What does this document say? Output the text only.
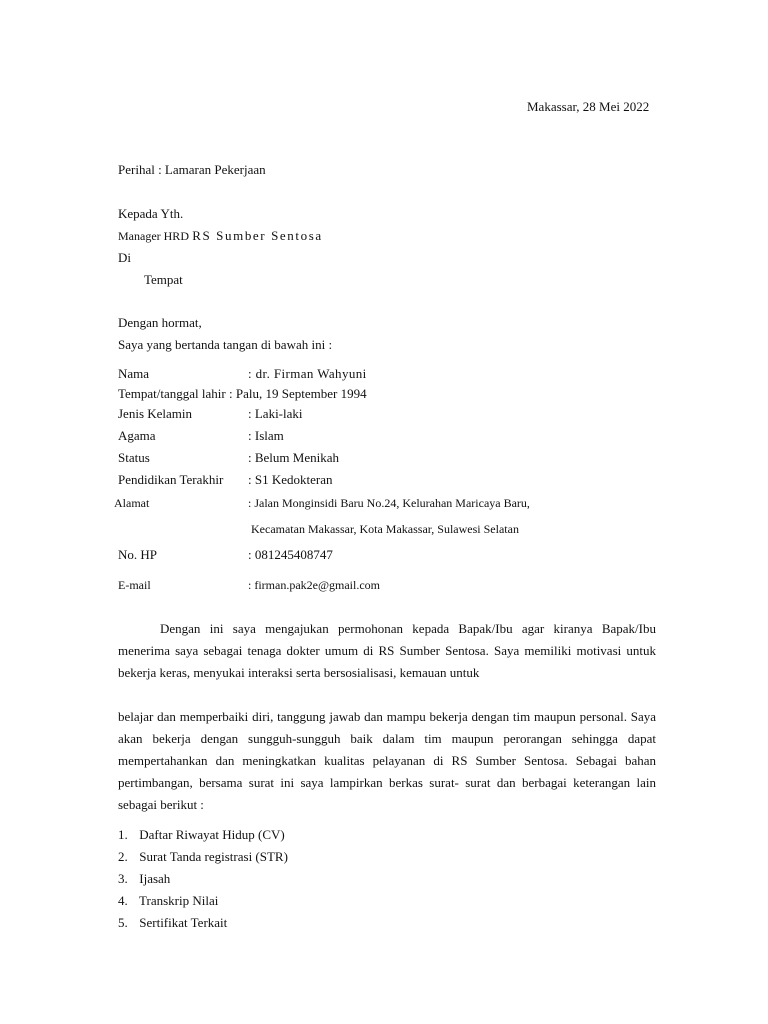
Makassar, 28 Mei 2022
Perihal : Lamaran Pekerjaan
Kepada Yth.
Manager HRD RS Sumber Sentosa
Di
Tempat
Dengan hormat,
Saya yang bertanda tangan di bawah ini :
Nama	: dr. Firman Wahyuni
Tempat/tanggal lahir : Palu, 19 September 1994
Jenis Kelamin	: Laki-laki
Agama	: Islam
Status	: Belum Menikah
Pendidikan Terakhir : S1 Kedokteran
Alamat	: Jalan Monginsidi Baru No.24, Kelurahan Maricaya Baru,
Kecamatan Makassar, Kota Makassar, Sulawesi Selatan
No. HP	: 081245408747
E-mail	: firman.pak2e@gmail.com
Dengan ini saya mengajukan permohonan kepada Bapak/Ibu agar kiranya Bapak/Ibu menerima saya sebagai tenaga dokter umum di RS Sumber Sentosa. Saya memiliki motivasi untuk bekerja keras, menyukai interaksi serta bersosialisasi, kemauan untuk
belajar dan memperbaiki diri, tanggung jawab dan mampu bekerja dengan tim maupun personal. Saya akan bekerja dengan sungguh-sungguh baik dalam tim maupun perorangan sehingga dapat mempertahankan dan meningkatkan kualitas pelayanan di RS Sumber Sentosa. Sebagai bahan pertimbangan, bersama surat ini saya lampirkan berkas surat- surat dan berbagai keterangan lain sebagai berikut :
1. Daftar Riwayat Hidup (CV)
2. Surat Tanda registrasi (STR)
3. Ijasah
4. Transkrip Nilai
5. Sertifikat Terkait
